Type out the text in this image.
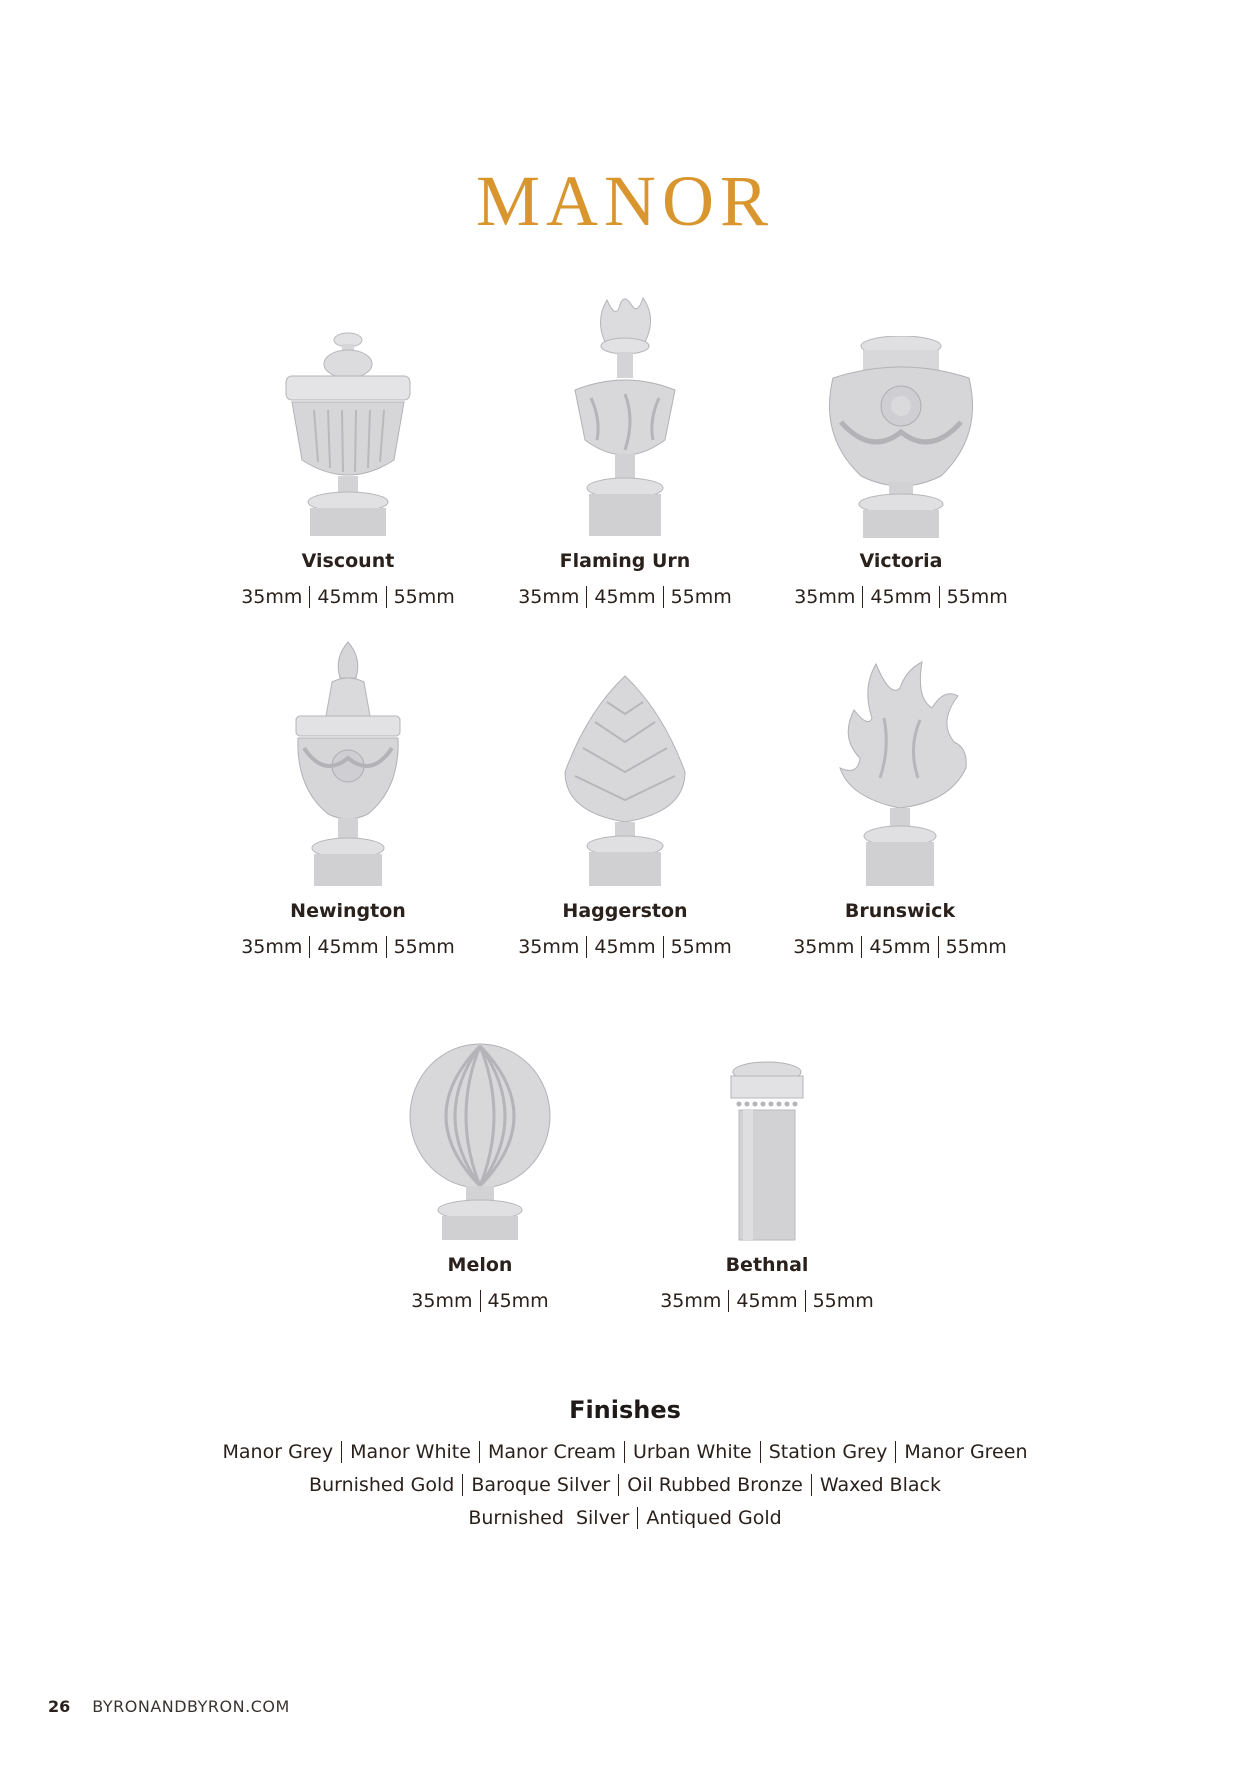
MANOR
Viscount
35mm 45mm 55mm
Flaming Urn
35mm 45mm 55mm
Victoria
35mm 45mm 55mm
Newington
35mm 45mm 55mm
Haggerston
35mm 45mm 55mm
Brunswick
35mm 45mm 55mm
Melon
35mm 45mm
Bethnal
35mm 45mm 55mm
Finishes
Manor Grey Manor White Manor Cream Urban White Station Grey Manor Green
Burnished Gold Baroque Silver Oil Rubbed Bronze Waxed Black
Burnished  Silver Antiqued Gold
26 BYRONANDBYRON.COM
